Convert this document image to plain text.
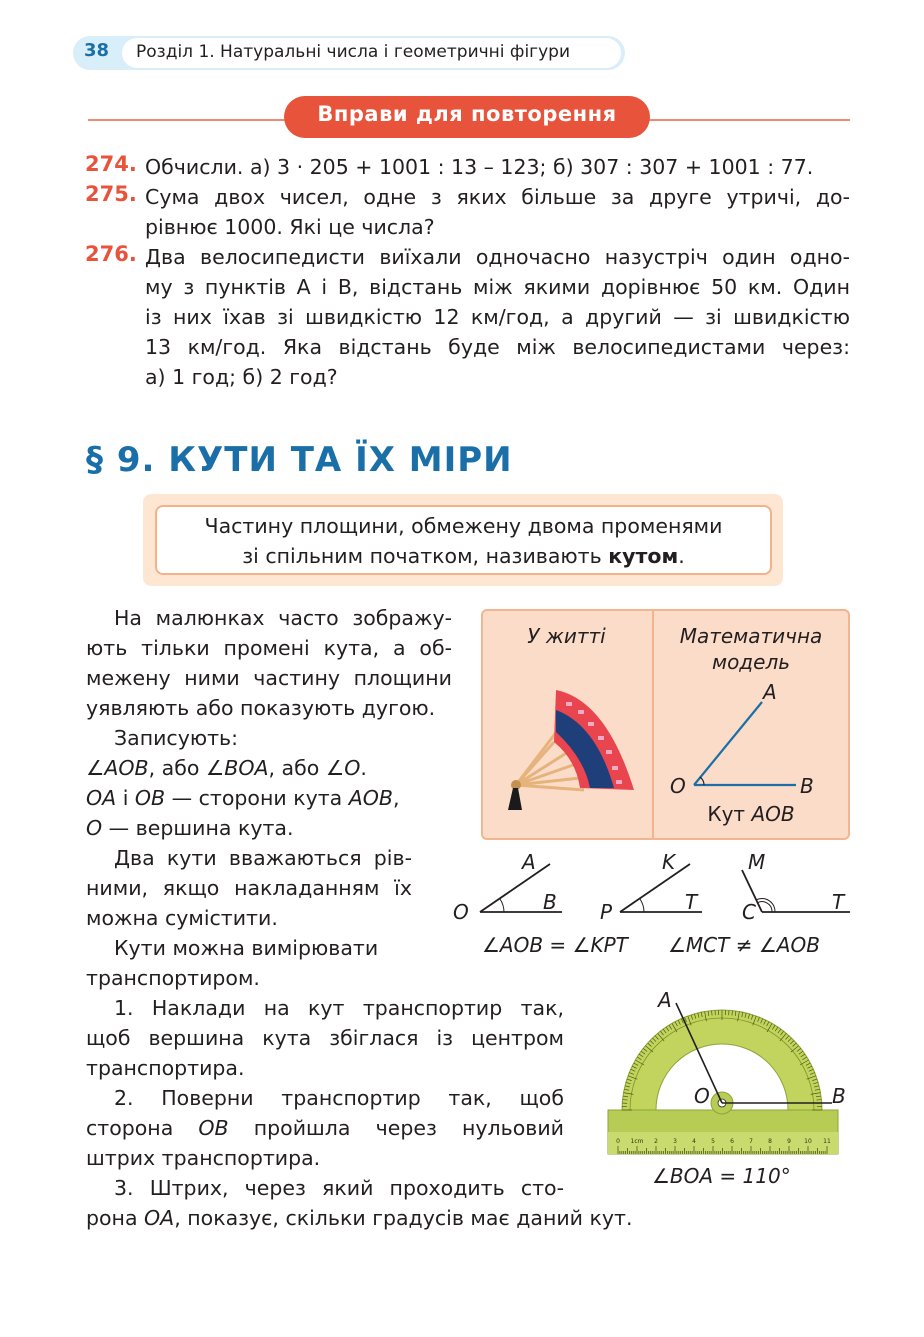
38 Розділ 1. Натуральні числа і геометричні фігури
Вправи для повторення
274. Обчисли. а) 3 · 205 + 1001 : 13 – 123; б) 307 : 307 + 1001 : 77.
275. Сума двох чисел, одне з яких більше за друге утричі, до-
рівнює 1000. Які це числа?
276. Два велосипедисти виїхали одночасно назустріч один одно-
му з пунктів A і B, відстань між якими дорівнює 50 км. Один
із них їхав зі швидкістю 12 км/год, а другий — зі швидкістю
13 км/год. Яка відстань буде між велосипедистами через:
а) 1 год; б) 2 год?
§ 9. КУТИ ТА ЇХ МІРИ
Частину площини, обмежену двома променями
зі спільним початком, називають кутом.
На малюнках часто зображу-
ють тільки промені кута, а об-
межену ними частину площини
уявляють або показують дугою.
Записують:
∠AOB, або ∠BOA, або ∠O.
OA і OB — сторони кута AOB,
O — вершина кута.
Два кути вважаються рів-
ними, якщо накладанням їх
можна сумістити.
Кути можна вимірювати
транспортиром.
1. Наклади на кут транспортир так,
щоб вершина кута збіглася із центром
транспортира.
2. Поверни транспортир так, щоб
сторона OB пройшла через нульовий
штрих транспортира.
3. Штрих, через який проходить сто-
рона OA, показує, скільки градусів має даний кут.
У житті	Математична
модель
A
O	B
Кут AOB
A
O	B
K
P	T
M
C	T
∠AOB = ∠KPT ∠MCT ≠ ∠AOB
0 1cm 2	3	4	5	6	7	8	9 10 11
A
O	B
∠BOA = 110°
